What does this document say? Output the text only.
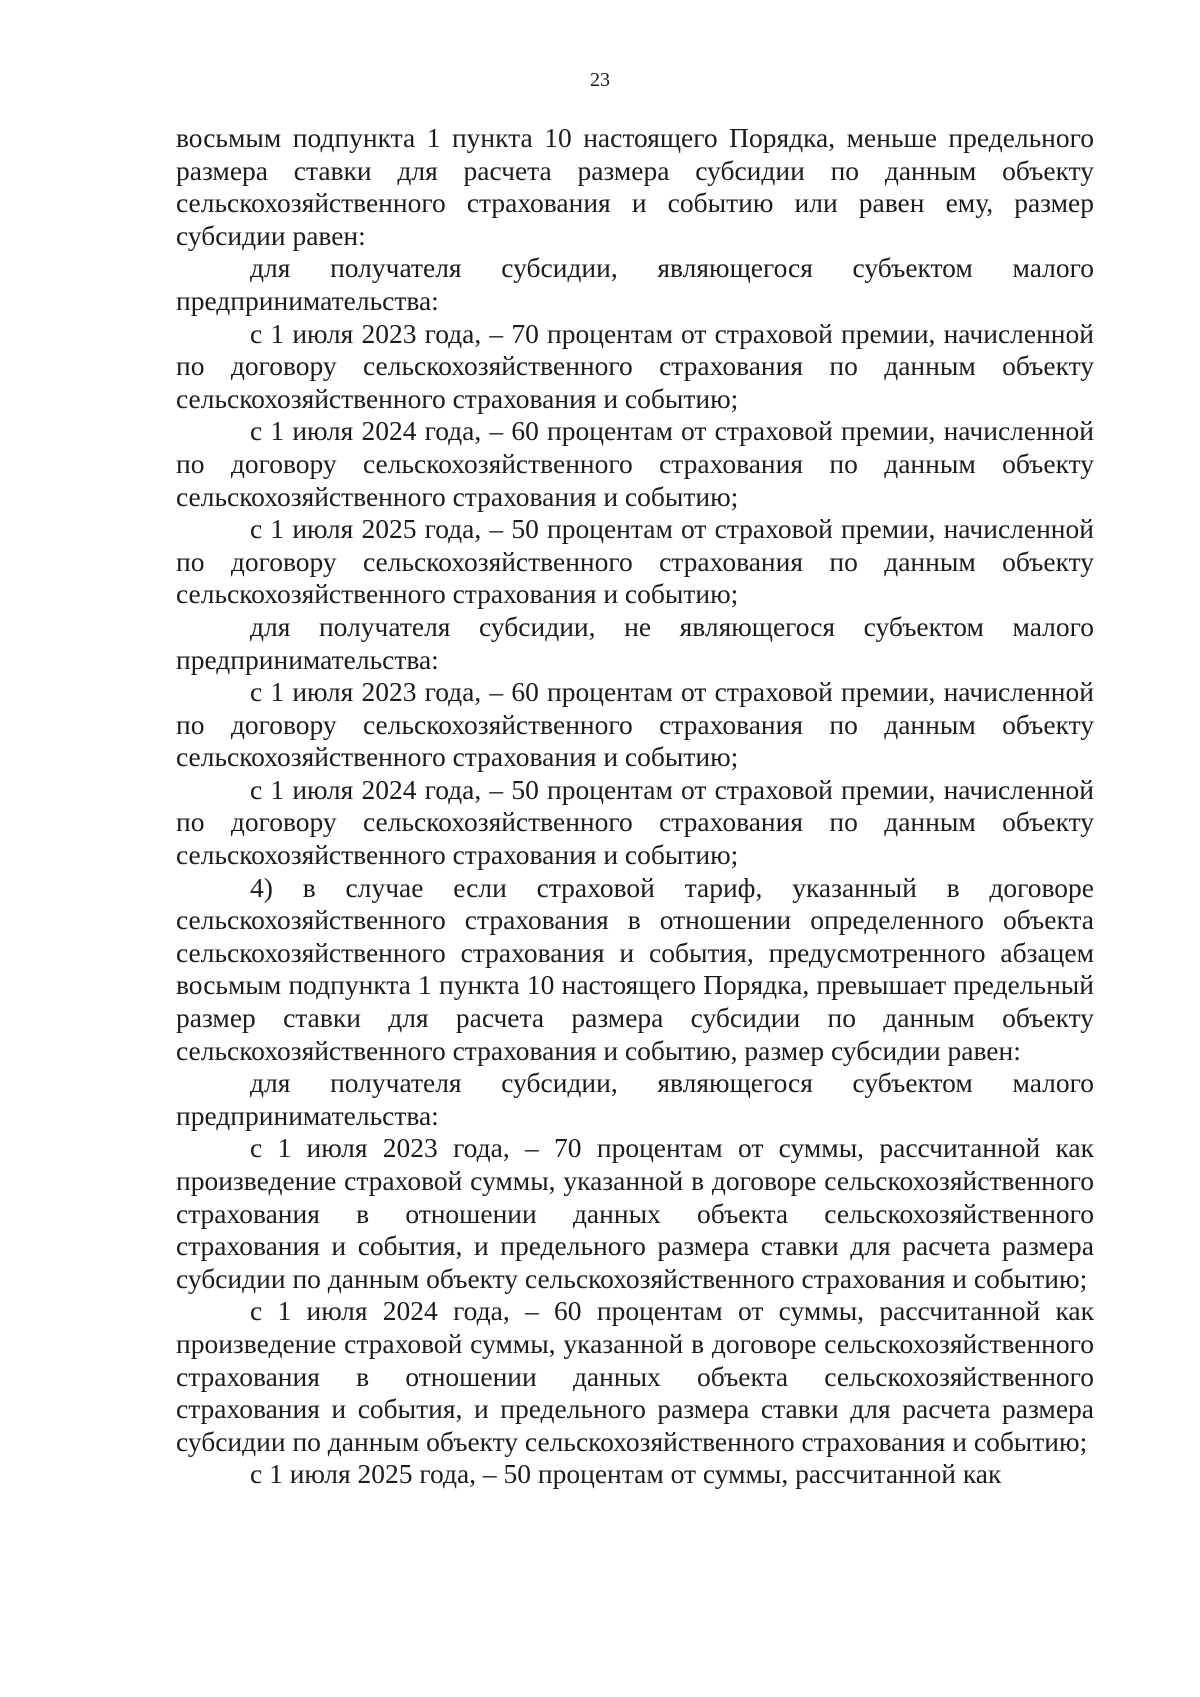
23

восьмым подпункта 1 пункта 10 настоящего Порядка, меньше предельного размера ставки для расчета размера субсидии по данным объекту сельскохозяйственного страхования и событию или равен ему, размер субсидии равен:

для получателя субсидии, являющегося субъектом малого предпринимательства:

с 1 июля 2023 года, – 70 процентам от страховой премии, начисленной по договору сельскохозяйственного страхования по данным объекту сельскохозяйственного страхования и событию;

с 1 июля 2024 года, – 60 процентам от страховой премии, начисленной по договору сельскохозяйственного страхования по данным объекту сельскохозяйственного страхования и событию;

с 1 июля 2025 года, – 50 процентам от страховой премии, начисленной по договору сельскохозяйственного страхования по данным объекту сельскохозяйственного страхования и событию;

для получателя субсидии, не являющегося субъектом малого предпринимательства:

с 1 июля 2023 года, – 60 процентам от страховой премии, начисленной по договору сельскохозяйственного страхования по данным объекту сельскохозяйственного страхования и событию;

с 1 июля 2024 года, – 50 процентам от страховой премии, начисленной по договору сельскохозяйственного страхования по данным объекту сельскохозяйственного страхования и событию;

4) в случае если страховой тариф, указанный в договоре сельскохозяйственного страхования в отношении определенного объекта сельскохозяйственного страхования и события, предусмотренного абзацем восьмым подпункта 1 пункта 10 настоящего Порядка, превышает предельный размер ставки для расчета размера субсидии по данным объекту сельскохозяйственного страхования и событию, размер субсидии равен:

для получателя субсидии, являющегося субъектом малого предпринимательства:

с 1 июля 2023 года, – 70 процентам от суммы, рассчитанной как произведение страховой суммы, указанной в договоре сельскохозяйственного страхования в отношении данных объекта сельскохозяйственного страхования и события, и предельного размера ставки для расчета размера субсидии по данным объекту сельскохозяйственного страхования и событию;

с 1 июля 2024 года, – 60 процентам от суммы, рассчитанной как произведение страховой суммы, указанной в договоре сельскохозяйственного страхования в отношении данных объекта сельскохозяйственного страхования и события, и предельного размера ставки для расчета размера субсидии по данным объекту сельскохозяйственного страхования и событию;

с 1 июля 2025 года, – 50 процентам от суммы, рассчитанной как
